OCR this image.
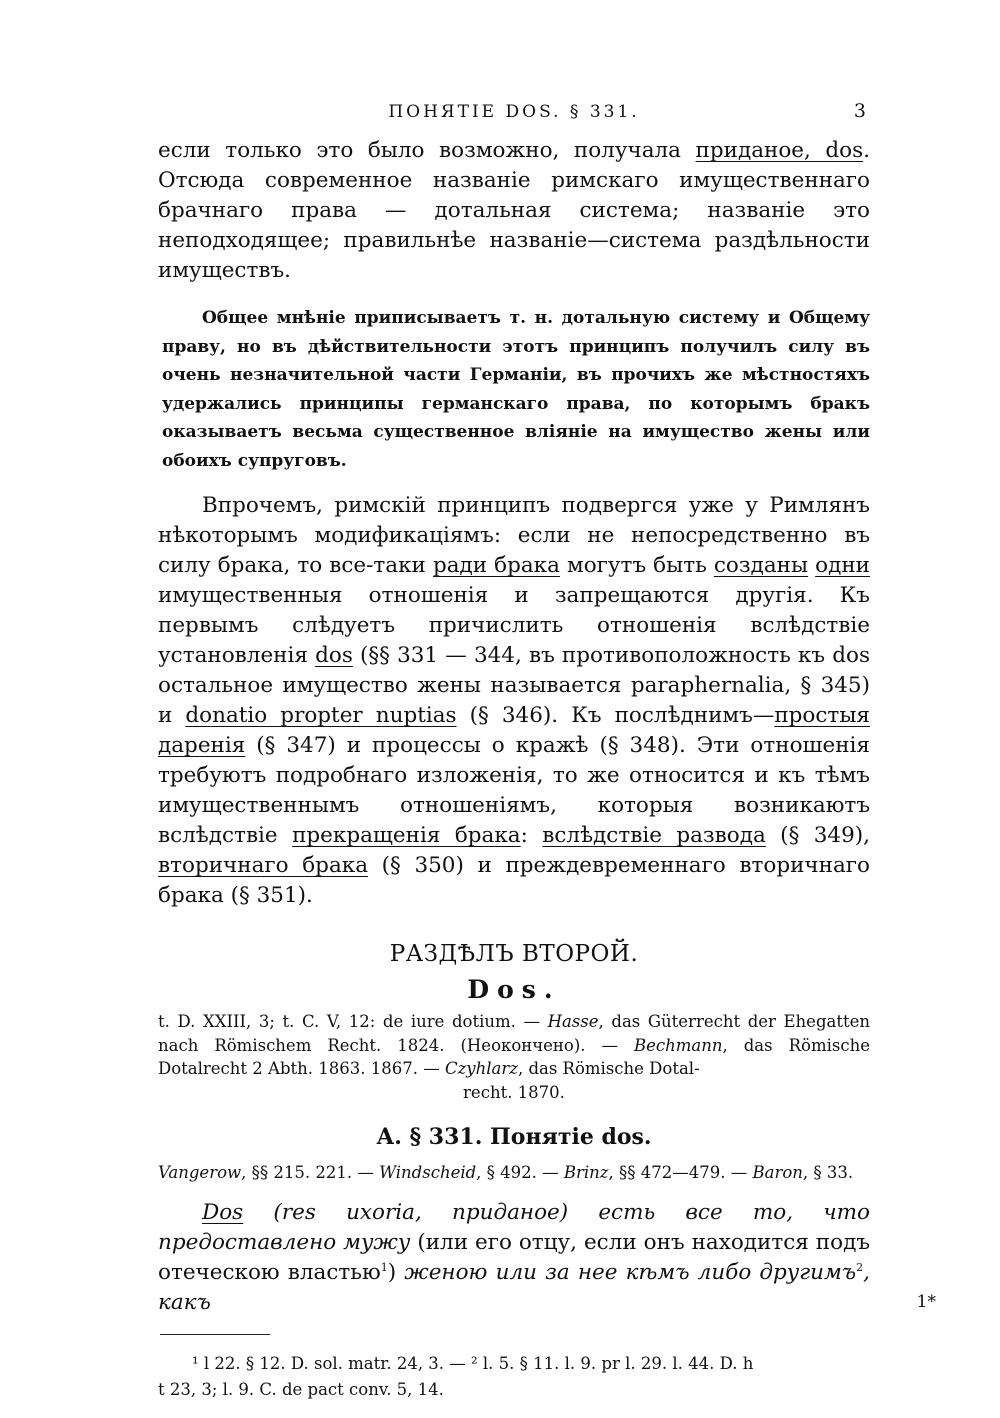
ПОНЯТІЕ DOS. § 331.	3

если только это было возможно, получала приданое, dos. Отсюда современное названіе римскаго имущественнаго брачнаго права — дотальная система; названіе это неподходящее; правильнѣе названіе—система раздѣльности имуществъ.

Общее мнѣніе приписываетъ т. н. дотальную систему и Общему праву, но въ дѣйствительности этотъ принципъ получилъ силу въ очень незначительной части Германіи, въ прочихъ же мѣстностяхъ удержались принципы германскаго права, по которымъ бракъ оказываетъ весьма существенное вліяніе на имущество жены или обоихъ супруговъ.

Впрочемъ, римскій принципъ подвергся уже у Римлянъ нѣкоторымъ модификаціямъ: если не непосредственно въ силу брака, то все-таки ради брака могутъ быть созданы одни имущественныя отношенія и запрещаются другія. Къ первымъ слѣдуетъ причислить отношенія вслѣдствіе установленія dos (§§ 331 — 344, въ противоположность къ dos остальное имущество жены называется paraphernalia, § 345) и donatio propter nuptias (§ 346). Къ послѣднимъ—простыя даренія (§ 347) и процессы о кражѣ (§ 348). Эти отношенія требуютъ подробнаго изложенія, то же относится и къ тѣмъ имущественнымъ отношеніямъ, которыя возникаютъ вслѣдствіе прекращенія брака: вслѣдствіе развода (§ 349), вторичнаго брака (§ 350) и преждевременнаго вторичнаго брака (§ 351).

РАЗДѢЛЪ ВТОРОЙ.
Dos.

t. D. XXIII, 3; t. C. V, 12: de iure dotium. — Hasse, das Güterrecht der Ehegatten nach Römischem Recht. 1824. (Неоконченo). — Bechmann, das Römische Dotalrecht 2 Abth. 1863. 1867. — Czyhlarz, das Römische Dotal-

recht. 1870.

А. § 331. Понятіе dos.

Vangerow, §§ 215. 221. — Windscheid, § 492. — Brinz, §§ 472—479. — Baron, § 33.

Dos (res uxoria, приданое) есть все то, что предоставлено мужу (или его отцу, если онъ находится подъ отеческою властью$^1$) женою или за нее кѣмъ либо другимъ$^2$, какъ

¹ l 22. § 12. D. sol. matr. 24, 3. — ² l. 5. § 11. l. 9. pr l. 29. l. 44. D. h

t 23, 3; l. 9. C. de pact conv. 5, 14.

1*
